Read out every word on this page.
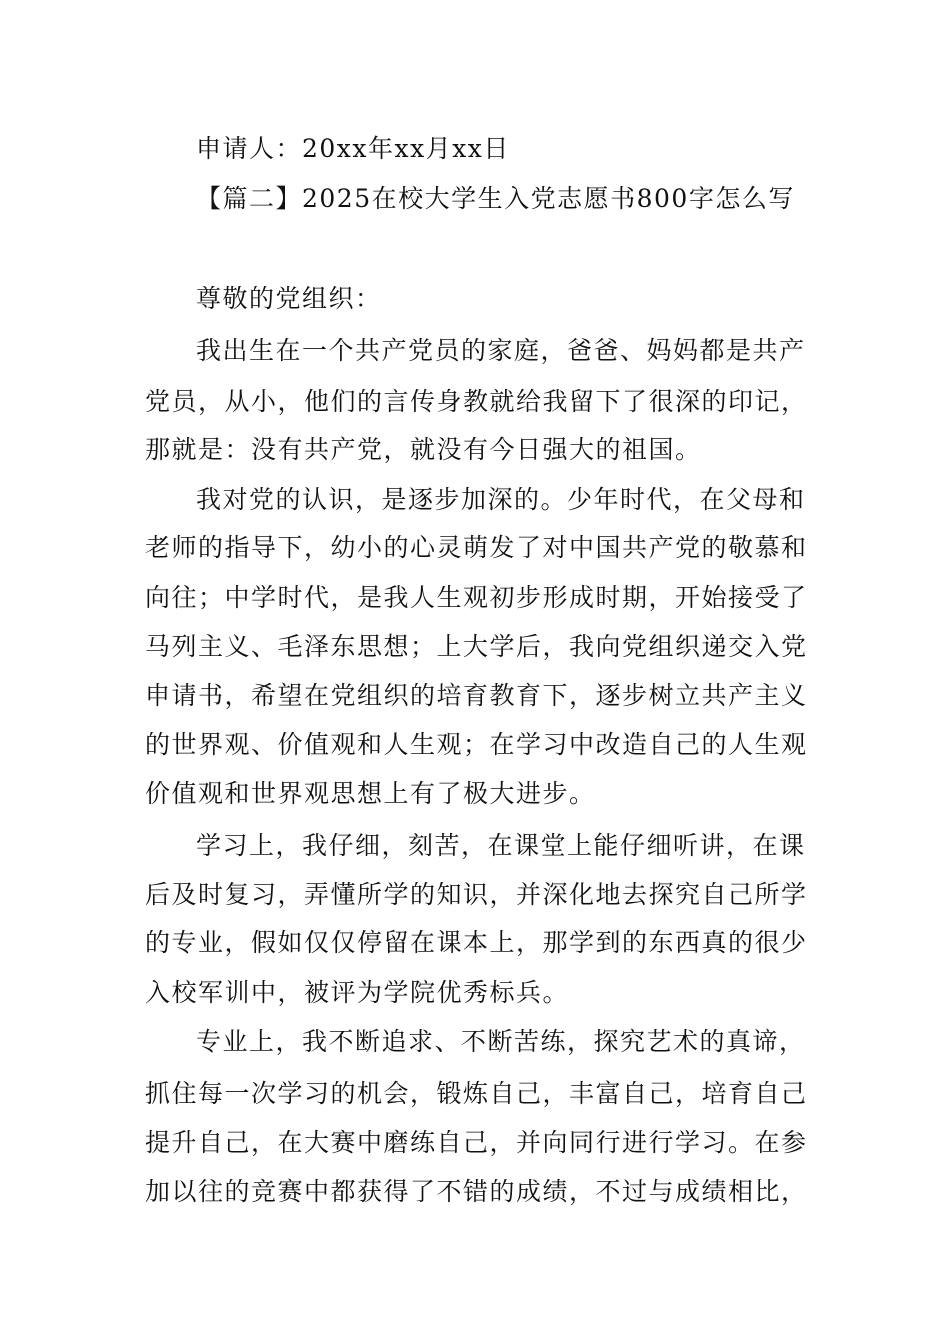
申请人：20xx年xx月xx日
【篇二】2025在校大学生入党志愿书800字怎么写
尊敬的党组织：
我出生在一个共产党员的家庭，爸爸、妈妈都是共产
党员，从小，他们的言传身教就给我留下了很深的印记，
那就是：没有共产党，就没有今日强大的祖国。
我对党的认识，是逐步加深的。少年时代，在父母和
老师的指导下，幼小的心灵萌发了对中国共产党的敬慕和
向往；中学时代，是我人生观初步形成时期，开始接受了
马列主义、毛泽东思想；上大学后，我向党组织递交入党
申请书，希望在党组织的培育教育下，逐步树立共产主义
的世界观、价值观和人生观；在学习中改造自己的人生观
价值观和世界观思想上有了极大进步。
学习上，我仔细，刻苦，在课堂上能仔细听讲，在课
后及时复习，弄懂所学的知识，并深化地去探究自己所学
的专业，假如仅仅停留在课本上，那学到的东西真的很少
入校军训中，被评为学院优秀标兵。
专业上，我不断追求、不断苦练，探究艺术的真谛，
抓住每一次学习的机会，锻炼自己，丰富自己，培育自己
提升自己，在大赛中磨练自己，并向同行进行学习。在参
加以往的竞赛中都获得了不错的成绩，不过与成绩相比，
